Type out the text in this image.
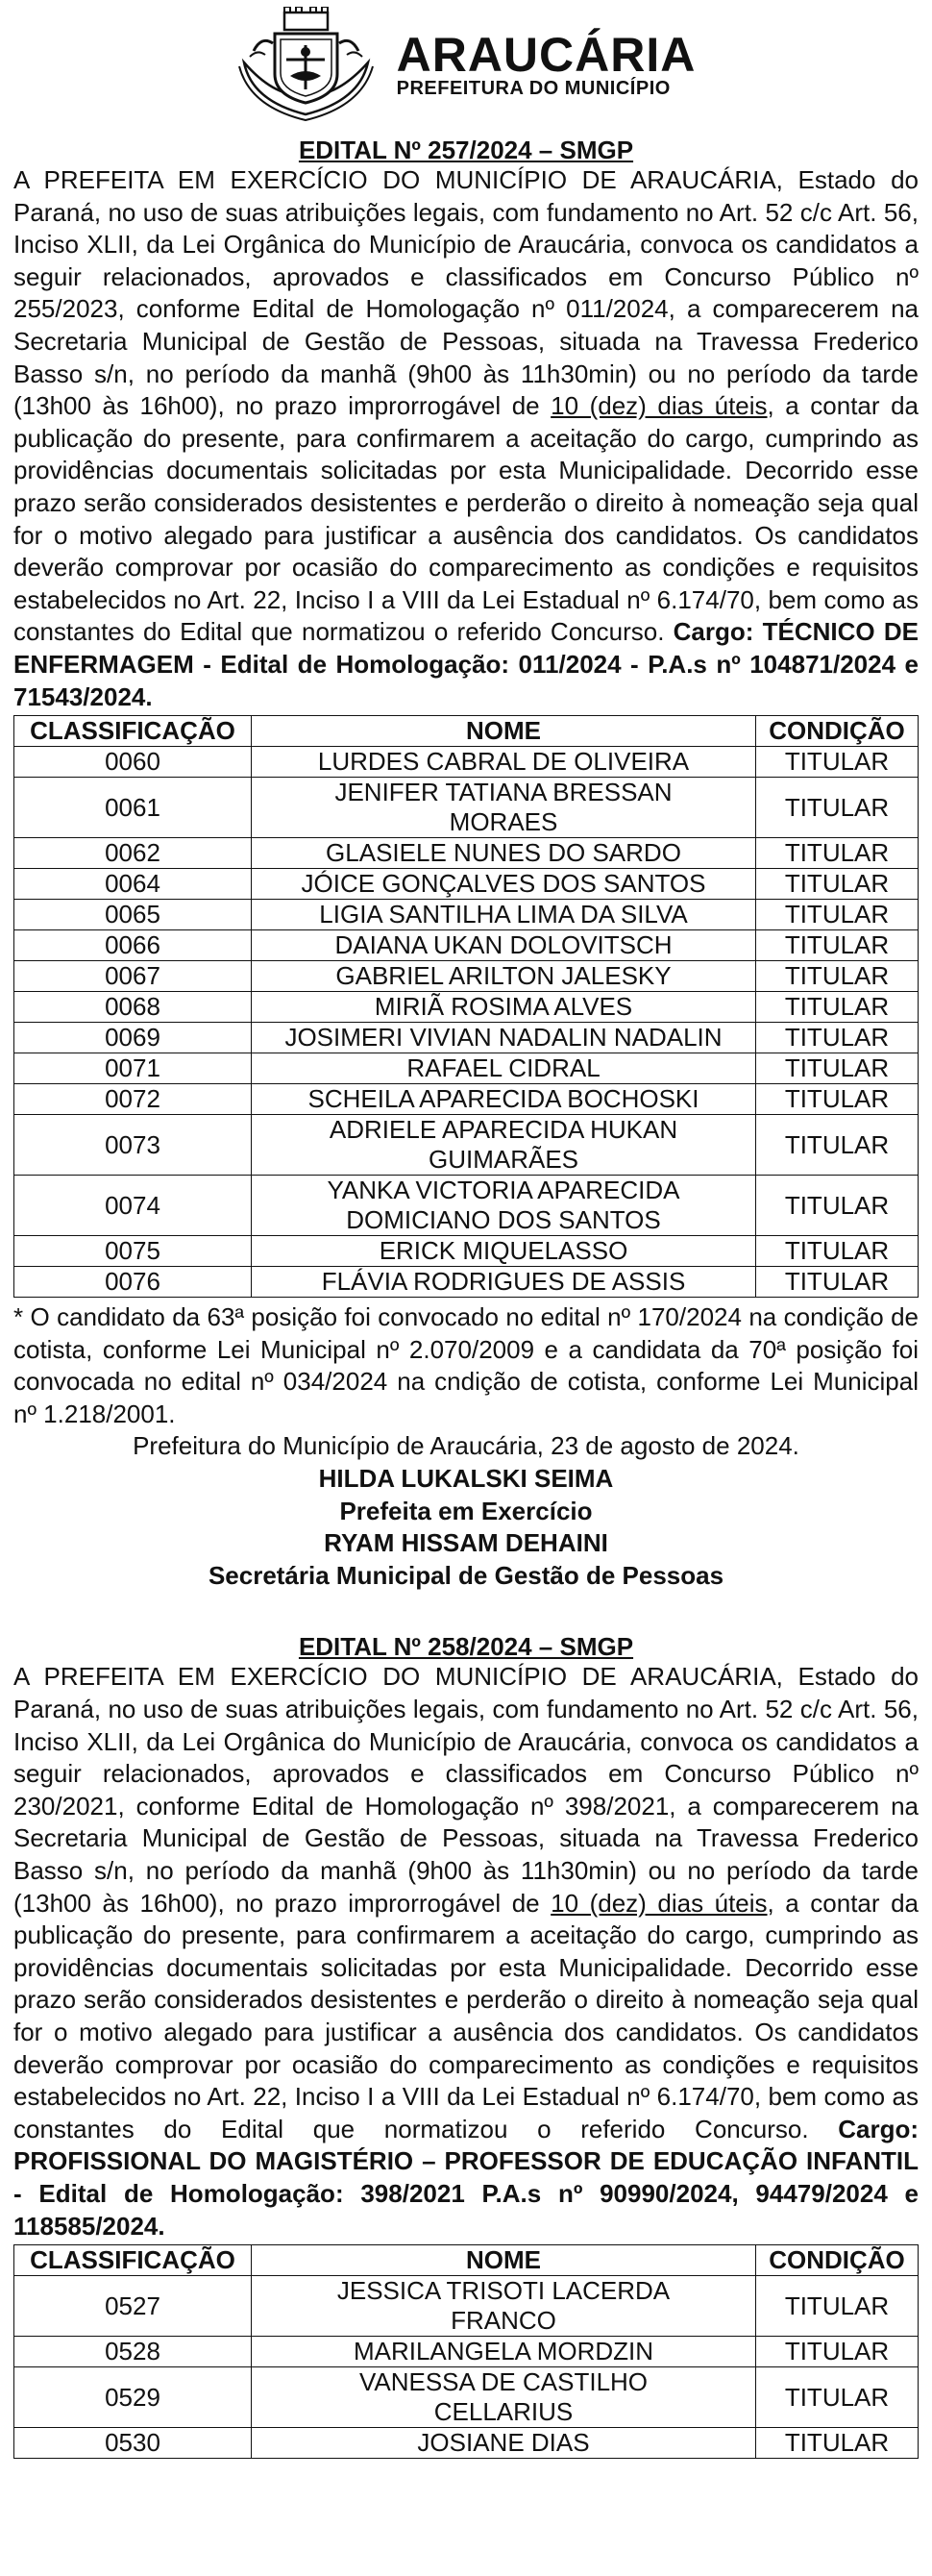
ARAUCÁRIA
PREFEITURA DO MUNICÍPIO
EDITAL Nº 257/2024 – SMGP

A PREFEITA EM EXERCÍCIO DO MUNICÍPIO DE ARAUCÁRIA, Estado do Paraná, no uso de suas atribuições legais, com fundamento no Art. 52 c/c Art. 56, Inciso XLII, da Lei Orgânica do Município de Araucária, convoca os candidatos a seguir relacionados, aprovados e classificados em Concurso Público nº 255/2023, conforme Edital de Homologação nº 011/2024, a comparecerem na Secretaria Municipal de Gestão de Pessoas, situada na Travessa Frederico Basso s/n, no período da manhã (9h00 às 11h30min) ou no período da tarde (13h00 às 16h00), no prazo improrrogável de 10 (dez) dias úteis, a contar da publicação do presente, para confirmarem a aceitação do cargo, cumprindo as providências documentais solicitadas por esta Municipalidade. Decorrido esse prazo serão considerados desistentes e perderão o direito à nomeação seja qual for o motivo alegado para justificar a ausência dos candidatos. Os candidatos deverão comprovar por ocasião do comparecimento as condições e requisitos estabelecidos no Art. 22, Inciso I a VIII da Lei Estadual nº 6.174/70, bem como as constantes do Edital que normatizou o referido Concurso. Cargo: TÉCNICO DE ENFERMAGEM - Edital de Homologação: 011/2024 - P.A.s nº 104871/2024 e 71543/2024.

CLASSIFICAÇÃO	NOME	CONDIÇÃO
0060	LURDES CABRAL DE OLIVEIRA	TITULAR
0061	JENIFER TATIANA BRESSAN MORAES	TITULAR
0062	GLASIELE NUNES DO SARDO	TITULAR
0064	JÓICE GONÇALVES DOS SANTOS	TITULAR
0065	LIGIA SANTILHA LIMA DA SILVA	TITULAR
0066	DAIANA UKAN DOLOVITSCH	TITULAR
0067	GABRIEL ARILTON JALESKY	TITULAR
0068	MIRIÃ ROSIMA ALVES	TITULAR
0069	JOSIMERI VIVIAN NADALIN NADALIN	TITULAR
0071	RAFAEL CIDRAL	TITULAR
0072	SCHEILA APARECIDA BOCHOSKI	TITULAR
0073	ADRIELE APARECIDA HUKAN GUIMARÃES	TITULAR
0074	YANKA VICTORIA APARECIDA DOMICIANO DOS SANTOS	TITULAR
0075	ERICK MIQUELASSO	TITULAR
0076	FLÁVIA RODRIGUES DE ASSIS	TITULAR

* O candidato da 63ª posição foi convocado no edital nº 170/2024 na condição de cotista, conforme Lei Municipal nº 2.070/2009 e a candidata da 70ª posição foi convocada no edital nº 034/2024 na cndição de cotista, conforme Lei Municipal nº 1.218/2001.

Prefeitura do Município de Araucária, 23 de agosto de 2024.
HILDA LUKALSKI SEIMA
Prefeita em Exercício
RYAM HISSAM DEHAINI
Secretária Municipal de Gestão de Pessoas
EDITAL Nº 258/2024 – SMGP

A PREFEITA EM EXERCÍCIO DO MUNICÍPIO DE ARAUCÁRIA, Estado do Paraná, no uso de suas atribuições legais, com fundamento no Art. 52 c/c Art. 56, Inciso XLII, da Lei Orgânica do Município de Araucária, convoca os candidatos a seguir relacionados, aprovados e classificados em Concurso Público nº 230/2021, conforme Edital de Homologação nº 398/2021, a comparecerem na Secretaria Municipal de Gestão de Pessoas, situada na Travessa Frederico Basso s/n, no período da manhã (9h00 às 11h30min) ou no período da tarde (13h00 às 16h00), no prazo improrrogável de 10 (dez) dias úteis, a contar da publicação do presente, para confirmarem a aceitação do cargo, cumprindo as providências documentais solicitadas por esta Municipalidade. Decorrido esse prazo serão considerados desistentes e perderão o direito à nomeação seja qual for o motivo alegado para justificar a ausência dos candidatos. Os candidatos deverão comprovar por ocasião do comparecimento as condições e requisitos estabelecidos no Art. 22, Inciso I a VIII da Lei Estadual nº 6.174/70, bem como as constantes do Edital que normatizou o referido Concurso. Cargo: PROFISSIONAL DO MAGISTÉRIO – PROFESSOR DE EDUCAÇÃO INFANTIL - Edital de Homologação: 398/2021 P.A.s nº 90990/2024, 94479/2024 e 118585/2024.

CLASSIFICAÇÃO	NOME	CONDIÇÃO
0527	JESSICA TRISOTI LACERDA FRANCO	TITULAR
0528	MARILANGELA MORDZIN	TITULAR
0529	VANESSA DE CASTILHO CELLARIUS	TITULAR
0530	JOSIANE DIAS	TITULAR
